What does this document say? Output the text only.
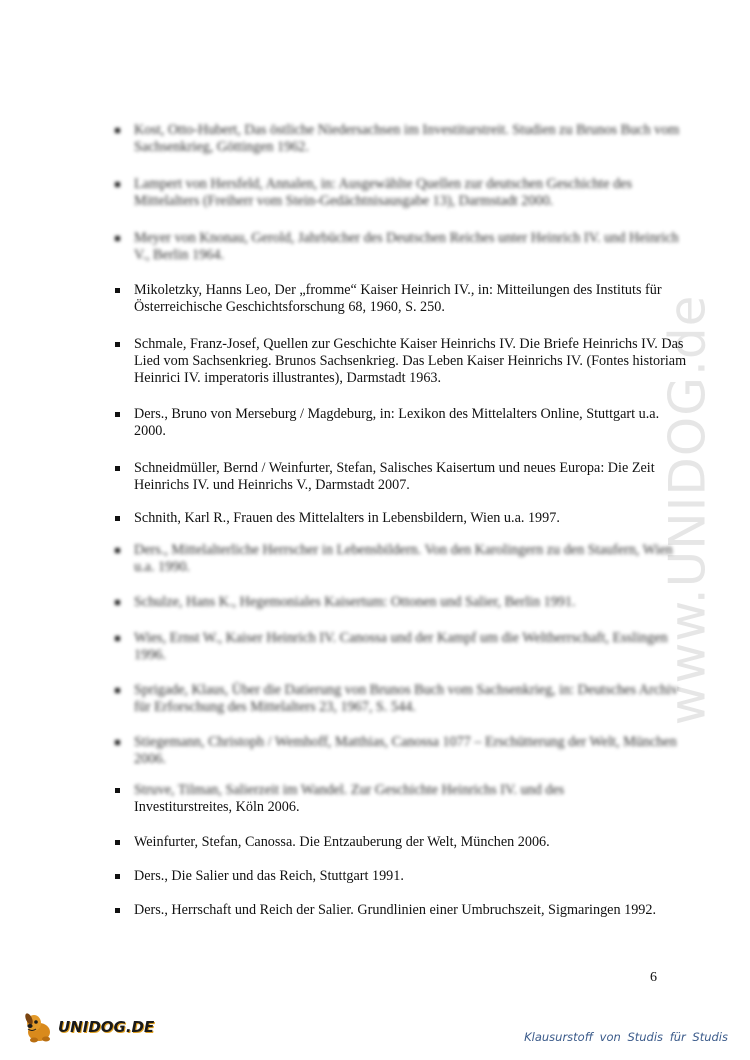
www.UNIDOG.de
Kost, Otto-Hubert, Das östliche Niedersachsen im Investiturstreit. Studien zu Brunos Buch vom Sachsenkrieg, Göttingen 1962.
Lampert von Hersfeld, Annalen, in: Ausgewählte Quellen zur deutschen Geschichte des Mittelalters (Freiherr vom Stein-Gedächtnisausgabe 13), Darmstadt 2000.
Meyer von Knonau, Gerold, Jahrbücher des Deutschen Reiches unter Heinrich IV. und Heinrich V., Berlin 1964.
Mikoletzky, Hanns Leo, Der „fromme“ Kaiser Heinrich IV., in: Mitteilungen des Instituts für Österreichische Geschichtsforschung 68, 1960, S. 250.
Schmale, Franz-Josef, Quellen zur Geschichte Kaiser Heinrichs IV. Die Briefe Heinrichs IV. Das Lied vom Sachsenkrieg. Brunos Sachsenkrieg. Das Leben Kaiser Heinrichs IV. (Fontes historiam Heinrici IV. imperatoris illustrantes), Darmstadt 1963.
Ders., Bruno von Merseburg / Magdeburg, in: Lexikon des Mittelalters Online, Stuttgart u.a. 2000.
Schneidmüller, Bernd / Weinfurter, Stefan, Salisches Kaisertum und neues Europa: Die Zeit Heinrichs IV. und Heinrichs V., Darmstadt 2007.
Schnith, Karl R., Frauen des Mittelalters in Lebensbildern, Wien u.a. 1997.
Ders., Mittelalterliche Herrscher in Lebensbildern. Von den Karolingern zu den Staufern, Wien u.a. 1990.
Schulze, Hans K., Hegemoniales Kaisertum: Ottonen und Salier, Berlin 1991.
Wies, Ernst W., Kaiser Heinrich IV. Canossa und der Kampf um die Weltherrschaft, Esslingen 1996.
Sprigade, Klaus, Über die Datierung von Brunos Buch vom Sachsenkrieg, in: Deutsches Archiv für Erforschung des Mittelalters 23, 1967, S. 544.
Stiegemann, Christoph / Wemhoff, Matthias, Canossa 1077 – Erschütterung der Welt, München 2006.
Struve, Tilman, Salierzeit im Wandel. Zur Geschichte Heinrichs IV. und des
Investiturstreites, Köln 2006.
Weinfurter, Stefan, Canossa. Die Entzauberung der Welt, München 2006.
Ders., Die Salier und das Reich, Stuttgart 1991.
Ders., Herrschaft und Reich der Salier. Grundlinien einer Umbruchszeit, Sigmaringen 1992.
6
UNIDOG.DE
Klausurstoff von Studis für Studis
